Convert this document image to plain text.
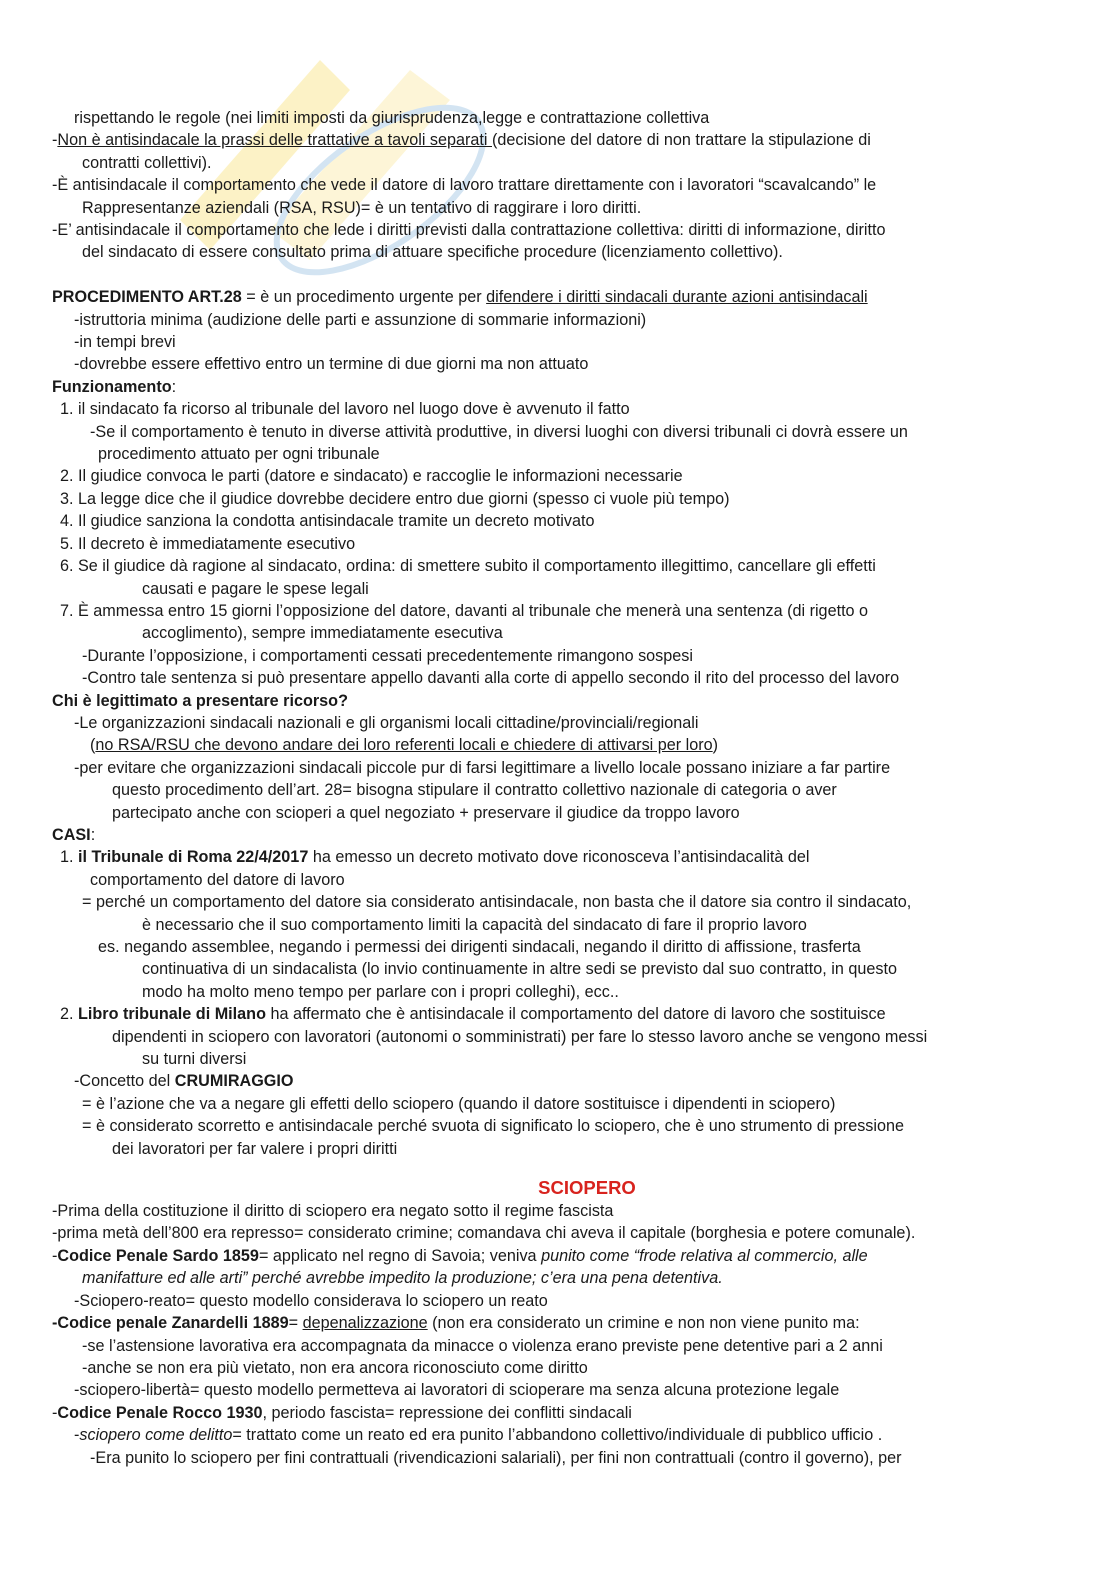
rispettando le regole (nei limiti imposti da giurisprudenza,legge e contrattazione collettiva
-Non è antisindacale la prassi delle trattative a tavoli separati (decisione del datore di non trattare la stipulazione di
contratti collettivi).
-È antisindacale il comportamento che vede il datore di lavoro trattare direttamente con i lavoratori “scavalcando” le
Rappresentanze aziendali (RSA, RSU)= è un tentativo di raggirare i loro diritti.
-E’ antisindacale il comportamento che lede i diritti previsti dalla contrattazione collettiva: diritti di informazione, diritto
del sindacato di essere consultato prima di attuare specifiche procedure (licenziamento collettivo).
PROCEDIMENTO ART.28 = è un procedimento urgente per difendere i diritti sindacali durante azioni antisindacali
-istruttoria minima (audizione delle parti e assunzione di sommarie informazioni)
-in tempi brevi
-dovrebbe essere effettivo entro un termine di due giorni ma non attuato
Funzionamento:
1. il sindacato fa ricorso al tribunale del lavoro nel luogo dove è avvenuto il fatto
-Se il comportamento è tenuto in diverse attività produttive, in diversi luoghi con diversi tribunali ci dovrà essere un
procedimento attuato per ogni tribunale
2. Il giudice convoca le parti (datore e sindacato) e raccoglie le informazioni necessarie
3. La legge dice che il giudice dovrebbe decidere entro due giorni (spesso ci vuole più tempo)
4. Il giudice sanziona la condotta antisindacale tramite un decreto motivato
5. Il decreto è immediatamente esecutivo
6. Se il giudice dà ragione al sindacato, ordina: di smettere subito il comportamento illegittimo, cancellare gli effetti
causati e pagare le spese legali
7. È ammessa entro 15 giorni l’opposizione del datore, davanti al tribunale che menerà una sentenza (di rigetto o
accoglimento), sempre immediatamente esecutiva
-Durante l’opposizione, i comportamenti cessati precedentemente rimangono sospesi
-Contro tale sentenza si può presentare appello davanti alla corte di appello secondo il rito del processo del lavoro
Chi è legittimato a presentare ricorso?
-Le organizzazioni sindacali nazionali e gli organismi locali cittadine/provinciali/regionali
(no RSA/RSU che devono andare dei loro referenti locali e chiedere di attivarsi per loro)
-per evitare che organizzazioni sindacali piccole pur di farsi legittimare a livello locale possano iniziare a far partire
questo procedimento dell’art. 28= bisogna stipulare il contratto collettivo nazionale di categoria o aver
partecipato anche con scioperi a quel negoziato + preservare il giudice da troppo lavoro
CASI:
1. il Tribunale di Roma 22/4/2017 ha emesso un decreto motivato dove riconosceva l’antisindacalità del
comportamento del datore di lavoro
= perché un comportamento del datore sia considerato antisindacale, non basta che il datore sia contro il sindacato,
è necessario che il suo comportamento limiti la capacità del sindacato di fare il proprio lavoro
es. negando assemblee, negando i permessi dei dirigenti sindacali, negando il diritto di affissione, trasferta
continuativa di un sindacalista (lo invio continuamente in altre sedi se previsto dal suo contratto, in questo
modo ha molto meno tempo per parlare con i propri colleghi), ecc..
2. Libro tribunale di Milano ha affermato che è antisindacale il comportamento del datore di lavoro che sostituisce
dipendenti in sciopero con lavoratori (autonomi o somministrati) per fare lo stesso lavoro anche se vengono messi
su turni diversi
-Concetto del CRUMIRAGGIO
= è l’azione che va a negare gli effetti dello sciopero (quando il datore sostituisce i dipendenti in sciopero)
= è considerato scorretto e antisindacale perché svuota di significato lo sciopero, che è uno strumento di pressione
dei lavoratori per far valere i propri diritti
SCIOPERO
-Prima della costituzione il diritto di sciopero era negato sotto il regime fascista
-prima metà dell’800 era represso= considerato crimine; comandava chi aveva il capitale (borghesia e potere comunale).
-Codice Penale Sardo 1859= applicato nel regno di Savoia; veniva punito come “frode relativa al commercio, alle
manifatture ed alle arti” perché avrebbe impedito la produzione; c’era una pena detentiva.
-Sciopero-reato= questo modello considerava lo sciopero un reato
-Codice penale Zanardelli 1889= depenalizzazione (non era considerato un crimine e non non viene punito ma:
-se l’astensione lavorativa era accompagnata da minacce o violenza erano previste pene detentive pari a 2 anni
-anche se non era più vietato, non era ancora riconosciuto come diritto
-sciopero-libertà= questo modello permetteva ai lavoratori di scioperare ma senza alcuna protezione legale
-Codice Penale Rocco 1930, periodo fascista= repressione dei conflitti sindacali
-sciopero come delitto= trattato come un reato ed era punito l’abbandono collettivo/individuale di pubblico ufficio .
-Era punito lo sciopero per fini contrattuali (rivendicazioni salariali), per fini non contrattuali (contro il governo), per
